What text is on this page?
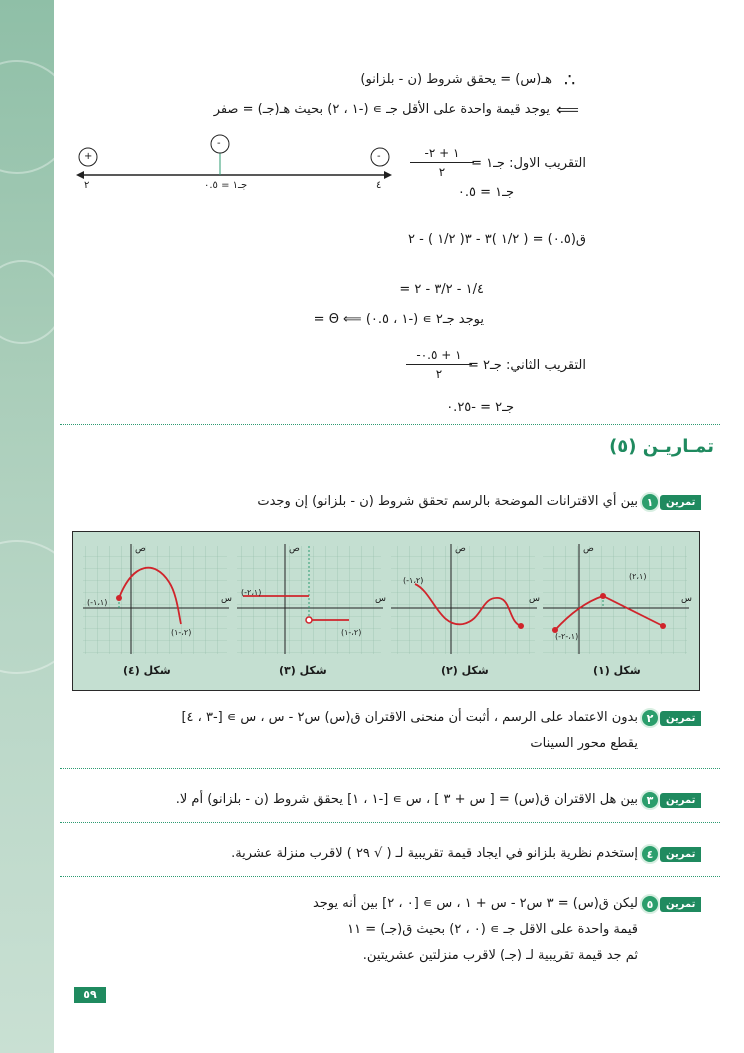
∴
هـ(س) = يحقق شروط (ن - بلزانو)
⟸
يوجد قيمة واحدة على الأقل جـ ∍ (-١ ، ٢) بحيث هـ(جـ) = صفر
+
-
-
٢	جـ١ = ٠.٥	٤
التقريب الاول: جـ١ =
-١ + ٢
٢
جـ١ = ٠.٥
ق(٠.٥) = ( ١/٢ )٣ - ٣( ١/٢ ) - ٢
= ١/٤ - ٣/٢ - ٢
= Θ ⟸ يوجد جـ٢ ∍ (-١ ، ٠.٥)
التقريب الثاني: جـ٢ =
-١ + ٠.٥
٢
جـ٢ = -٠.٢٥
تمـاريـن (٥)
تمرين
١
بين أي الاقترانات الموضحة بالرسم تحقق شروط (ن - بلزانو) إن وجدت
(٢،١)
(-١،-٢)
(-١،٢)
(-٢،١)
(٢،-١)
(-١،١)
(٢،-١)
ص
س
ص
س
ص
س
ص
س
شكل (١)
شكل (٢)
شكل (٣)
شكل (٤)
تمرين
٢
بدون الاعتماد على الرسم ، أثبت أن منحنى الاقتران ق(س) س٢ - س ، س ∍ [-٣ ، ٤]
يقطع محور السينات
تمرين
٣
بين هل الاقتران ق(س) = [ س + ٣ ] ، س ∍ [-١ ، ١] يحقق شروط (ن - بلزانو) أم لا.
تمرين
٤
إستخدم نظرية بلزانو في ايجاد قيمة تقريبية لـ ( √ ٢٩ ) لاقرب منزلة عشرية.
تمرين
٥
ليكن ق(س) = ٣ س٢ - س + ١ ، س ∍ [٠ ، ٢] بين أنه يوجد
قيمة واحدة على الاقل جـ ∍ (٠ ، ٢) بحيث ق(جـ) = ١١
ثم جد قيمة تقريبية لـ (جـ) لاقرب منزلتين عشريتين.
٥٩
